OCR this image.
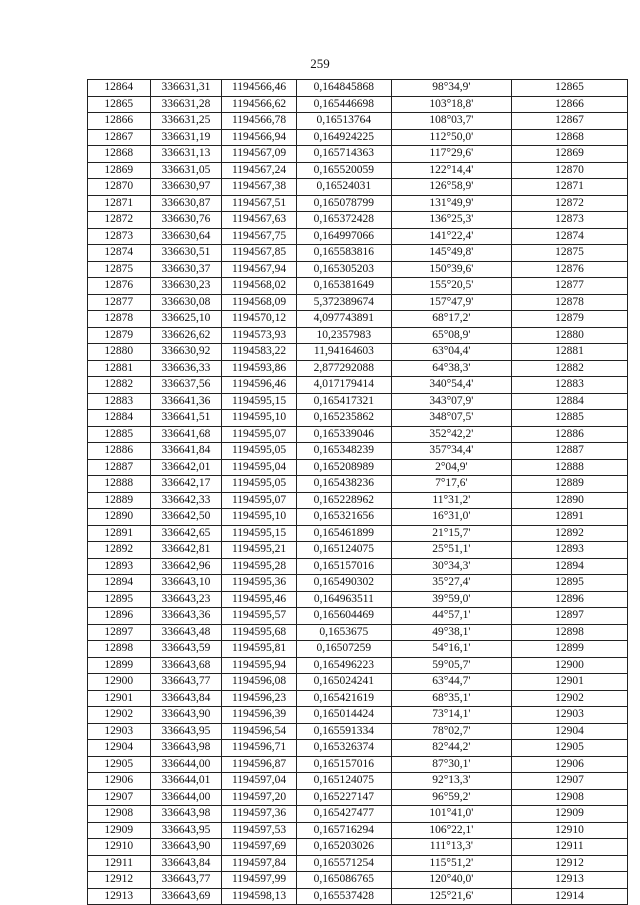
259
12864	336631,31	1194566,46	0,164845868	98°34,9'	12865
12865	336631,28	1194566,62	0,165446698	103°18,8'	12866
12866	336631,25	1194566,78	0,16513764	108°03,7'	12867
12867	336631,19	1194566,94	0,164924225	112°50,0'	12868
12868	336631,13	1194567,09	0,165714363	117°29,6'	12869
12869	336631,05	1194567,24	0,165520059	122°14,4'	12870
12870	336630,97	1194567,38	0,16524031	126°58,9'	12871
12871	336630,87	1194567,51	0,165078799	131°49,9'	12872
12872	336630,76	1194567,63	0,165372428	136°25,3'	12873
12873	336630,64	1194567,75	0,164997066	141°22,4'	12874
12874	336630,51	1194567,85	0,165583816	145°49,8'	12875
12875	336630,37	1194567,94	0,165305203	150°39,6'	12876
12876	336630,23	1194568,02	0,165381649	155°20,5'	12877
12877	336630,08	1194568,09	5,372389674	157°47,9'	12878
12878	336625,10	1194570,12	4,097743891	68°17,2'	12879
12879	336626,62	1194573,93	10,2357983	65°08,9'	12880
12880	336630,92	1194583,22	11,94164603	63°04,4'	12881
12881	336636,33	1194593,86	2,877292088	64°38,3'	12882
12882	336637,56	1194596,46	4,017179414	340°54,4'	12883
12883	336641,36	1194595,15	0,165417321	343°07,9'	12884
12884	336641,51	1194595,10	0,165235862	348°07,5'	12885
12885	336641,68	1194595,07	0,165339046	352°42,2'	12886
12886	336641,84	1194595,05	0,165348239	357°34,4'	12887
12887	336642,01	1194595,04	0,165208989	2°04,9'	12888
12888	336642,17	1194595,05	0,165438236	7°17,6'	12889
12889	336642,33	1194595,07	0,165228962	11°31,2'	12890
12890	336642,50	1194595,10	0,165321656	16°31,0'	12891
12891	336642,65	1194595,15	0,165461899	21°15,7'	12892
12892	336642,81	1194595,21	0,165124075	25°51,1'	12893
12893	336642,96	1194595,28	0,165157016	30°34,3'	12894
12894	336643,10	1194595,36	0,165490302	35°27,4'	12895
12895	336643,23	1194595,46	0,164963511	39°59,0'	12896
12896	336643,36	1194595,57	0,165604469	44°57,1'	12897
12897	336643,48	1194595,68	0,1653675	49°38,1'	12898
12898	336643,59	1194595,81	0,16507259	54°16,1'	12899
12899	336643,68	1194595,94	0,165496223	59°05,7'	12900
12900	336643,77	1194596,08	0,165024241	63°44,7'	12901
12901	336643,84	1194596,23	0,165421619	68°35,1'	12902
12902	336643,90	1194596,39	0,165014424	73°14,1'	12903
12903	336643,95	1194596,54	0,165591334	78°02,7'	12904
12904	336643,98	1194596,71	0,165326374	82°44,2'	12905
12905	336644,00	1194596,87	0,165157016	87°30,1'	12906
12906	336644,01	1194597,04	0,165124075	92°13,3'	12907
12907	336644,00	1194597,20	0,165227147	96°59,2'	12908
12908	336643,98	1194597,36	0,165427477	101°41,0'	12909
12909	336643,95	1194597,53	0,165716294	106°22,1'	12910
12910	336643,90	1194597,69	0,165203026	111°13,3'	12911
12911	336643,84	1194597,84	0,165571254	115°51,2'	12912
12912	336643,77	1194597,99	0,165086765	120°40,0'	12913
12913	336643,69	1194598,13	0,165537428	125°21,6'	12914
